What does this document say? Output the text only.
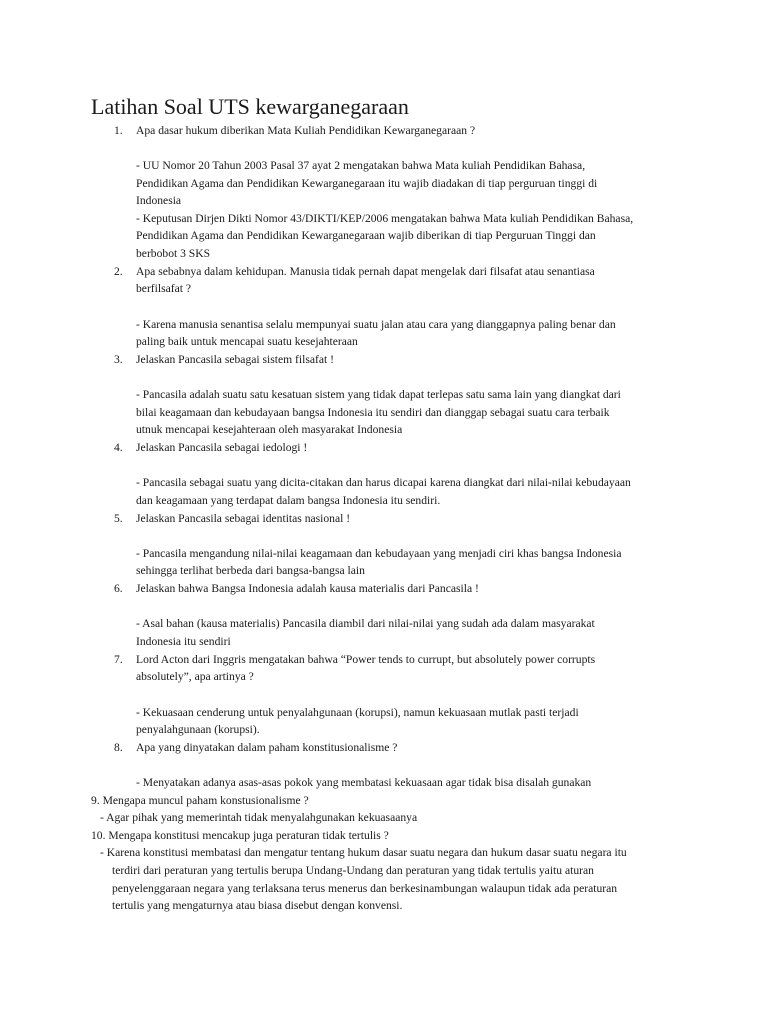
Latihan Soal UTS kewarganegaraan
1. Apa dasar hukum diberikan Mata Kuliah Pendidikan Kewarganegaraan ?
- UU Nomor 20 Tahun 2003 Pasal 37 ayat 2 mengatakan bahwa Mata kuliah Pendidikan Bahasa,
Pendidikan Agama dan Pendidikan Kewarganegaraan itu wajib diadakan di tiap perguruan tinggi di
Indonesia
- Keputusan Dirjen Dikti Nomor 43/DIKTI/KEP/2006 mengatakan bahwa Mata kuliah Pendidikan Bahasa,
Pendidikan Agama dan Pendidikan Kewarganegaraan wajib diberikan di tiap Perguruan Tinggi dan
berbobot 3 SKS
2. Apa sebabnya dalam kehidupan. Manusia tidak pernah dapat mengelak dari filsafat atau senantiasa
berfilsafat ?
- Karena manusia senantisa selalu mempunyai suatu jalan atau cara yang dianggapnya paling benar dan
paling baik untuk mencapai suatu kesejahteraan
3. Jelaskan Pancasila sebagai sistem filsafat !
- Pancasila adalah suatu satu kesatuan sistem yang tidak dapat terlepas satu sama lain yang diangkat dari
bilai keagamaan dan kebudayaan bangsa Indonesia itu sendiri dan dianggap sebagai suatu cara terbaik
utnuk mencapai kesejahteraan oleh masyarakat Indonesia
4. Jelaskan Pancasila sebagai iedologi !
- Pancasila sebagai suatu yang dicita-citakan dan harus dicapai karena diangkat dari nilai-nilai kebudayaan
dan keagamaan yang terdapat dalam bangsa Indonesia itu sendiri.
5. Jelaskan Pancasila sebagai identitas nasional !
- Pancasila mengandung nilai-nilai keagamaan dan kebudayaan yang menjadi ciri khas bangsa Indonesia
sehingga terlihat berbeda dari bangsa-bangsa lain
6. Jelaskan bahwa Bangsa Indonesia adalah kausa materialis dari Pancasila !
- Asal bahan (kausa materialis) Pancasila diambil dari nilai-nilai yang sudah ada dalam masyarakat
Indonesia itu sendiri
7. Lord Acton dari Inggris mengatakan bahwa “Power tends to currupt, but absolutely power corrupts
absolutely”, apa artinya ?
- Kekuasaan cenderung untuk penyalahgunaan (korupsi), namun kekuasaan mutlak pasti terjadi
penyalahgunaan (korupsi).
8. Apa yang dinyatakan dalam paham konstitusionalisme ?
- Menyatakan adanya asas-asas pokok yang membatasi kekuasaan agar tidak bisa disalah gunakan
9. Mengapa muncul paham konstusionalisme ?
- Agar pihak yang memerintah tidak menyalahgunakan kekuasaanya
10. Mengapa konstitusi mencakup juga peraturan tidak tertulis ?
- Karena konstitusi membatasi dan mengatur tentang hukum dasar suatu negara dan hukum dasar suatu negara itu
terdiri dari peraturan yang tertulis berupa Undang-Undang dan peraturan yang tidak tertulis yaitu aturan
penyelenggaraan negara yang terlaksana terus menerus dan berkesinambungan walaupun tidak ada peraturan
tertulis yang mengaturnya atau biasa disebut dengan konvensi.
